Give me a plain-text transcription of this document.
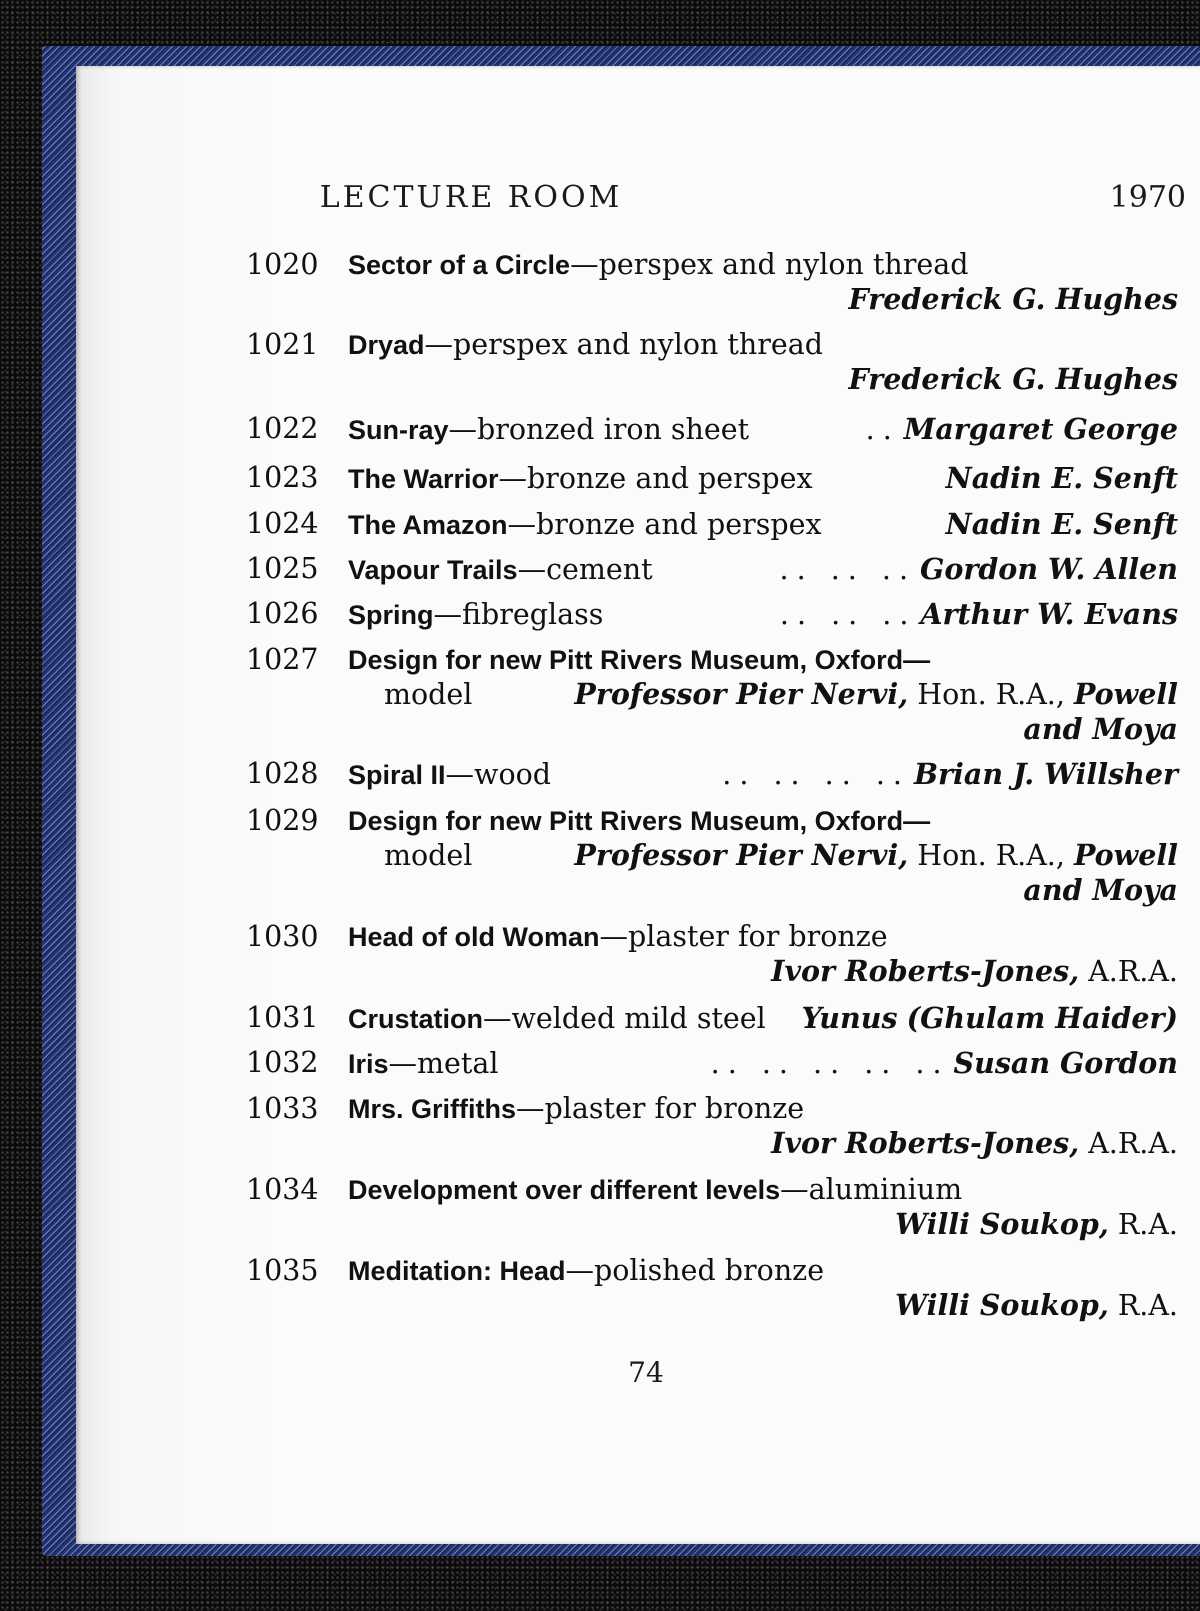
LECTURE ROOM	1970
1020 Sector of a Circle—perspex and nylon thread
Frederick G. Hughes
1021 Dryad—perspex and nylon thread
Frederick G. Hughes
1022 Sun-ray—bronzed iron sheet	.. Margaret George
1023 The Warrior—bronze and perspex	Nadin E. Senft
1024 The Amazon—bronze and perspex	Nadin E. Senft
1025 Vapour Trails—cement	.. .. .. Gordon W. Allen
1026 Spring—fibreglass	.. .. .. Arthur W. Evans
1027 Design for new Pitt Rivers Museum, Oxford—
model	Professor Pier Nervi, Hon. R.A., Powell
and Moya
1028 Spiral II—wood	.. .. .. .. Brian J. Willsher
1029 Design for new Pitt Rivers Museum, Oxford—
model	Professor Pier Nervi, Hon. R.A., Powell
and Moya
1030 Head of old Woman—plaster for bronze
Ivor Roberts-Jones, A.R.A.
1031 Crustation—welded mild steel Yunus (Ghulam Haider)
1032 Iris—metal	.. .. .. .. .. Susan Gordon
1033 Mrs. Griffiths—plaster for bronze
Ivor Roberts-Jones, A.R.A.
1034 Development over different levels—aluminium
Willi Soukop, R.A.
1035 Meditation: Head—polished bronze
Willi Soukop, R.A.
74
